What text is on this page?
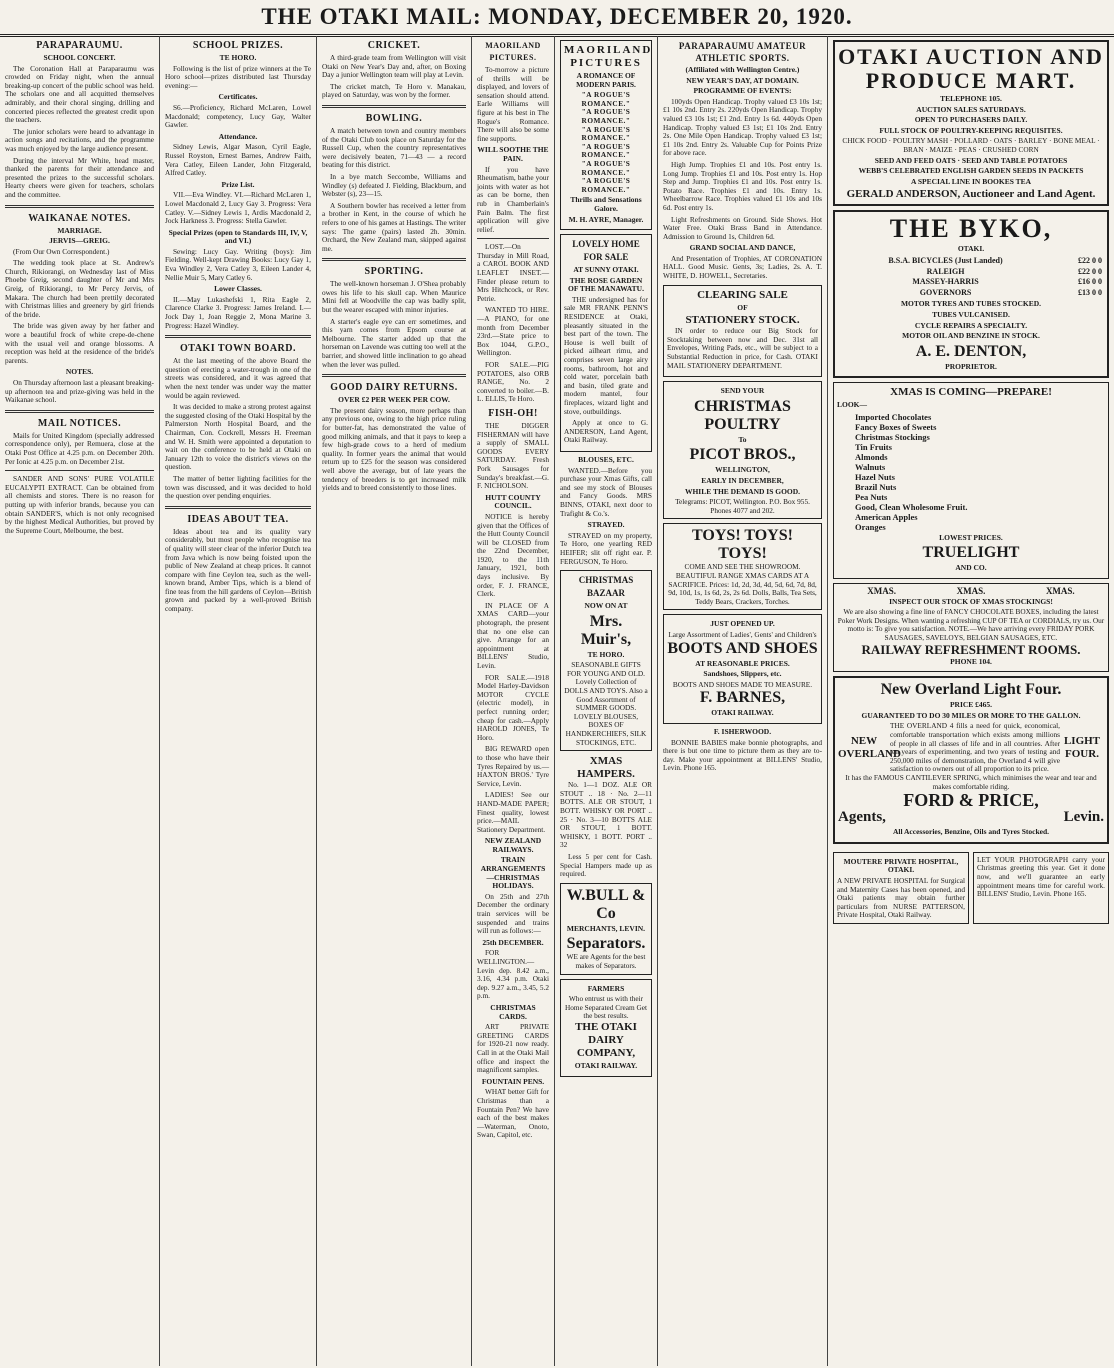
THE OTAKI MAIL: MONDAY, DECEMBER 20, 1920.
PARAPARAUMU.
SCHOOL CONCERT.

The Coronation Hall at Paraparaumu was crowded on Friday night, when the annual breaking-up concert of the public school was held. The scholars one and all acquitted themselves admirably, and their choral singing, drilling and concerted pieces reflected the greatest credit upon the teachers.

The junior scholars were heard to advantage in action songs and recitations, and the programme was much enjoyed by the large audience present.

During the interval Mr White, head master, thanked the parents for their attendance and presented the prizes to the successful scholars. Hearty cheers were given for teachers, scholars and the committee.

WAIKANAE NOTES.
MARRIAGE.
JERVIS—GREIG.

(From Our Own Correspondent.)

The wedding took place at St. Andrew's Church, Rikiorangi, on Wednesday last of Miss Phoebe Greig, second daughter of Mr and Mrs Greig, of Rikiorangi, to Mr Percy Jervis, of Makara. The church had been prettily decorated with Christmas lilies and greenery by girl friends of the bride.

The bride was given away by her father and wore a beautiful frock of white crepe-de-chene with the usual veil and orange blossoms. A reception was held at the residence of the bride's parents.

NOTES.

On Thursday afternoon last a pleasant breaking-up afternoon tea and prize-giving was held in the Waikanae school.

MAIL NOTICES.

Mails for United Kingdom (specially addressed correspondence only), per Remuera, close at the Otaki Post Office at 4.25 p.m. on December 20th. Per Ionic at 4.25 p.m. on December 21st.

SANDER AND SONS' PURE VOLATILE EUCALYPTI EXTRACT. Can be obtained from all chemists and stores. There is no reason for putting up with inferior brands, because you can obtain SANDER'S, which is not only recognised by the highest Medical Authorities, but proved by the Supreme Court, Melbourne, the best.

SCHOOL PRIZES.
TE HORO.

Following is the list of prize winners at the Te Horo school—prizes distributed last Thursday evening:—

Certificates.

S6.—Proficiency, Richard McLaren, Lowel Macdonald; competency, Lucy Gay, Walter Gawler.

Attendance.

Sidney Lewis, Algar Mason, Cyril Eagle, Russel Royston, Ernest Barnes, Andrew Faith, Vera Catley, Eileen Lander, John Fitzgerald, Alfred Catley.

Prize List.

VII.—Eva Windley. VI.—Richard McLaren 1, Lowel Macdonald 2, Lucy Gay 3. Progress: Vera Catley. V.—Sidney Lewis 1, Ardis Macdonald 2, Jock Harkness 3. Progress: Stella Gawler.

Special Prizes (open to Standards III, IV, V, and VI.)

Sewing: Lucy Gay. Writing (boys): Jim Fielding. Well-kept Drawing Books: Lucy Gay 1, Eva Windley 2, Vera Catley 3, Eileen Lander 4, Nellie Muir 5, Mary Catley 6.

Lower Classes.

II.—May Lukashefski 1, Rita Eagle 2, Clarence Clarke 3. Progress: James Ireland. I.—Jock Day 1, Joan Reggie 2, Mona Marine 3. Progress: Hazel Windley.

OTAKI TOWN BOARD.

At the last meeting of the above Board the question of erecting a water-trough in one of the streets was considered, and it was agreed that when the next tender was under way the matter would be again reviewed.

It was decided to make a strong protest against the suggested closing of the Otaki Hospital by the Palmerston North Hospital Board, and the Chairman, Con. Cockrell, Messrs H. Freeman and W. H. Smith were appointed a deputation to wait on the conference to be held at Otaki on January 12th to voice the district's views on the question.

The matter of better lighting facilities for the town was discussed, and it was decided to hold the question over pending enquiries.

IDEAS ABOUT TEA.

Ideas about tea and its quality vary considerably, but most people who recognise tea of quality will steer clear of the inferior Dutch tea from Java which is now being foisted upon the public of New Zealand at cheap prices. It cannot compare with fine Ceylon tea, such as the well-known brand, Amber Tips, which is a blend of fine teas from the hill gardens of Ceylon—British grown and packed by a well-proved British company.

CRICKET.

A third-grade team from Wellington will visit Otaki on New Year's Day and, after, on Boxing Day a junior Wellington team will play at Levin.

The cricket match, Te Horo v. Manakau, played on Saturday, was won by the former.

BOWLING.

A match between town and country members of the Otaki Club took place on Saturday for the Russell Cup, when the country representatives were decisively beaten, 71—43 — a record beating for this district.

In a bye match Seccombe, Williams and Windley (s) defeated J. Fielding, Blackburn, and Webster (s), 23—15.

A Southern bowler has received a letter from a brother in Kent, in the course of which he refers to one of his games at Hastings. The writer says: The game (pairs) lasted 2h. 30min. Orchard, the New Zealand man, skipped against me.

SPORTING.

The well-known horseman J. O'Shea probably owes his life to his skull cap. When Maurice Mini fell at Woodville the cap was badly split, but the wearer escaped with minor injuries.

A starter's eagle eye can err sometimes, and this yarn comes from Epsom course at Melbourne. The starter added up that the horseman on Lavende was cutting too well at the barrier, and showed little inclination to go ahead when the lever was pulled.

GOOD DAIRY RETURNS.
OVER £2 PER WEEK PER COW.

The present dairy season, more perhaps than any previous one, owing to the high price ruling for butter-fat, has demonstrated the value of good milking animals, and that it pays to keep a few high-grade cows to a herd of medium quality. In former years the animal that would return up to £25 for the season was considered well above the average, but of late years the tendency of breeders is to get increased milk yields and to breed consistently to those lines.

MAORILAND PICTURES.

To-morrow a picture of thrills will be displayed, and lovers of sensation should attend. Earle Williams will figure at his best in The Rogue's Romance. There will also be some fine supports.

WILL SOOTHE THE PAIN.

If you have Rheumatism, bathe your joints with water as hot as can be borne, then rub in Chamberlain's Pain Balm. The first application will give relief.

LOST.—On Thursday in Mill Road, a CAROL BOOK AND LEAFLET INSET.—Finder please return to Mrs Hitchcock, or Rev. Petrie.

WANTED TO HIRE.—A PIANO, for one month from December 23rd.—State price to Box 1044, G.P.O., Wellington.

FOR SALE.—PIG POTATOES, also ORB RANGE, No. 2 converted to boiler.—B. L. ELLIS, Te Horo.

FISH-OH!

THE DIGGER FISHERMAN will have a supply of SMALL GOODS EVERY SATURDAY. Fresh Pork Sausages for Sunday's breakfast.—G. F. NICHOLSON.

HUTT COUNTY COUNCIL.

NOTICE is hereby given that the Offices of the Hutt County Council will be CLOSED from the 22nd December, 1920, to the 11th January, 1921, both days inclusive. By order, F. J. FRANCE, Clerk.

IN PLACE OF A XMAS CARD—your photograph, the present that no one else can give. Arrange for an appointment at BILLENS' Studio, Levin.

FOR SALE.—1918 Model Harley-Davidson MOTOR CYCLE (electric model), in perfect running order; cheap for cash.—Apply HAROLD JONES, Te Horo.

BIG REWARD open to those who have their Tyres Repaired by us.—HAXTON BROS.' Tyre Service, Levin.

LADIES! See our HAND-MADE PAPER; Finest quality, lowest price.—MAIL Stationery Department.

NEW ZEALAND RAILWAYS.
TRAIN ARRANGEMENTS—CHRISTMAS HOLIDAYS.

On 25th and 27th December the ordinary train services will be suspended and trains will run as follows:—

25th DECEMBER.

FOR WELLINGTON.—Levin dep. 8.42 a.m., 3.16, 4.34 p.m. Otaki dep. 9.27 a.m., 3.45, 5.2 p.m.

CHRISTMAS CARDS.

ART PRIVATE GREETING CARDS for 1920-21 now ready. Call in at the Otaki Mail office and inspect the magnificent samples.

FOUNTAIN PENS.

WHAT better Gift for Christmas than a Fountain Pen? We have each of the best makes—Waterman, Onoto, Swan, Capitol, etc.

MAORILAND PICTURES
A ROMANCE OF MODERN PARIS.
"A ROGUE'S ROMANCE."
"A ROGUE'S ROMANCE."
"A ROGUE'S ROMANCE."
"A ROGUE'S ROMANCE."
"A ROGUE'S ROMANCE."
"A ROGUE'S ROMANCE."
Thrills and Sensations Galore.
M. H. AYRE, Manager.
LOVELY HOME FOR SALE
AT SUNNY OTAKI.
THE ROSE GARDEN OF THE MANAWATU.

THE undersigned has for sale MR FRANK PENN'S RESIDENCE at Otaki, pleasantly situated in the best part of the town. The House is well built of picked ailheart rimu, and comprises seven large airy rooms, bathroom, hot and cold water, porcelain bath and basin, tiled grate and modern mantel, four fireplaces, wizard light and stove, outbuildings.

Apply at once to G. ANDERSON, Land Agent, Otaki Railway.

BLOUSES, ETC.

WANTED.—Before you purchase your Xmas Gifts, call and see my stock of Blouses and Fancy Goods. MRS BINNS, OTAKI, next door to Trafight & Co.'s.

STRAYED.

STRAYED on my property, Te Horo, one yearling RED HEIFER; slit off right ear. P. FERGUSON, Te Horo.

CHRISTMAS BAZAAR
NOW ON AT
Mrs. Muir's,
TE HORO.
SEASONABLE GIFTS FOR YOUNG AND OLD. Lovely Collection of DOLLS AND TOYS. Also a Good Assortment of SUMMER GOODS. LOVELY BLOUSES, BOXES OF HANDKERCHIEFS, SILK STOCKINGS, ETC.
XMAS HAMPERS.

No. 1—1 DOZ. ALE OR STOUT .. 18 · No. 2—11 BOTTS. ALE OR STOUT, 1 BOTT. WHISKY OR PORT .. 25 · No. 3—10 BOTTS ALE OR STOUT, 1 BOTT. WHISKY, 1 BOTT. PORT .. 32

Less 5 per cent for Cash. Special Hampers made up as required.

W.BULL & Co
MERCHANTS, LEVIN.
Separators.
WE are Agents for the best makes of Separators.
FARMERS
Who entrust us with their Home Separated Cream Get the best results.
THE OTAKI DAIRY COMPANY,
OTAKI RAILWAY.
PARAPARAUMU AMATEUR ATHLETIC SPORTS.
(Affiliated with Wellington Centre.)
NEW YEAR'S DAY, AT DOMAIN.
PROGRAMME OF EVENTS:

100yds Open Handicap. Trophy valued £3 10s 1st; £1 10s 2nd. Entry 2s. 220yds Open Handicap. Trophy valued £3 10s 1st; £1 2nd. Entry 1s 6d. 440yds Open Handicap. Trophy valued £3 1st; £1 10s 2nd. Entry 2s. One Mile Open Handicap. Trophy valued £3 1st; £1 10s 2nd. Entry 2s. Valuable Cup for Points Prize for above race.

High Jump. Trophies £1 and 10s. Post entry 1s. Long Jump. Trophies £1 and 10s. Post entry 1s. Hop Step and Jump. Trophies £1 and 10s. Post entry 1s. Potato Race. Trophies £1 and 10s. Entry 1s. Wheelbarrow Race. Trophies valued £1 10s and 10s 6d. Post entry 1s.

Light Refreshments on Ground. Side Shows. Hot Water Free. Otaki Brass Band in Attendance. Admission to Ground 1s, Children 6d.

GRAND SOCIAL AND DANCE,

And Presentation of Trophies, AT CORONATION HALL. Good Music. Gents, 3s; Ladies, 2s. A. T. WHITE, D. HOWELL, Secretaries.

CLEARING SALE
OF
STATIONERY STOCK.

IN order to reduce our Big Stock for Stocktaking between now and Dec. 31st all Envelopes, Writing Pads, etc., will be subject to a Substantial Reduction in price, for Cash. OTAKI MAIL STATIONERY DEPARTMENT.

SEND YOUR
CHRISTMAS
POULTRY
To
PICOT BROS.,
WELLINGTON,
EARLY IN DECEMBER,
WHILE THE DEMAND IS GOOD.
Telegrams: PICOT, Wellington. P.O. Box 955. Phones 4077 and 202.
TOYS! TOYS! TOYS!
COME AND SEE THE SHOWROOM. BEAUTIFUL RANGE XMAS CARDS AT A SACRIFICE. Prices: 1d, 2d, 3d, 4d, 5d, 6d, 7d, 8d, 9d, 10d, 1s, 1s 6d, 2s, 2s 6d. Dolls, Balls, Tea Sets, Teddy Bears, Crackers, Torches.
JUST OPENED UP.
Large Assortment of Ladies', Gents' and Children's
BOOTS AND SHOES
AT REASONABLE PRICES.
Sandshoes, Slippers, etc.
BOOTS AND SHOES MADE TO MEASURE.
F. BARNES,
OTAKI RAILWAY.
F. ISHERWOOD.

BONNIE BABIES make bonnie photographs, and there is but one time to picture them as they are to-day. Make your appointment at BILLENS' Studio, Levin. Phone 165.

OTAKI AUCTION AND PRODUCE MART.
TELEPHONE 105.
AUCTION SALES SATURDAYS.
OPEN TO PURCHASERS DAILY.
FULL STOCK OF POULTRY-KEEPING REQUISITES.
CHICK FOOD · POULTRY MASH · POLLARD · OATS · BARLEY · BONE MEAL · BRAN · MAIZE · PEAS · CRUSHED CORN
SEED AND FEED OATS · SEED AND TABLE POTATOES
WEBB'S CELEBRATED ENGLISH GARDEN SEEDS IN PACKETS
A SPECIAL LINE IN BOOKES TEA
GERALD ANDERSON, Auctioneer and Land Agent.
THE BYKO,
OTAKI.
B.S.A. BICYCLES (Just Landed)	£22 0 0
RALEIGH	£22 0 0
MASSEY-HARRIS	£16 0 0
GOVERNORS	£13 0 0
MOTOR TYRES AND TUBES STOCKED.
TUBES VULCANISED.
CYCLE REPAIRS A SPECIALTY.
MOTOR OIL AND BENZINE IN STOCK.
A. E. DENTON,
PROPRIETOR.
XMAS IS COMING—PREPARE!
LOOK—
Imported Chocolates
Fancy Boxes of Sweets
Christmas Stockings
Tin Fruits
Almonds
Walnuts
Hazel Nuts
Brazil Nuts
Pea Nuts
Good, Clean Wholesome Fruit.
American Apples
Oranges
LOWEST PRICES.
TRUELIGHT
AND CO.
XMAS.	XMAS.	XMAS.
INSPECT OUR STOCK OF XMAS STOCKINGS!
We are also showing a fine line of FANCY CHOCOLATE BOXES, including the latest Poker Work Designs. When wanting a refreshing CUP OF TEA or CORDIALS, try us. Our motto is: To give you satisfaction. NOTE.—We have arriving every FRIDAY PORK SAUSAGES, SAVELOYS, BELGIAN SAUSAGES, ETC.
RAILWAY REFRESHMENT ROOMS.
PHONE 104.
New Overland Light Four.
PRICE £465.
GUARANTEED TO DO 30 MILES OR MORE TO THE GALLON.
NEW
OVERLAND
THE OVERLAND 4 fills a need for quick, economical, comfortable transportation which exists among millions of people in all classes of life and in all countries. After ten years of experimenting, and two years of testing and 250,000 miles of demonstration, the Overland 4 will give satisfaction to owners out of all proportion to its price.
LIGHT
FOUR.
It has the FAMOUS CANTILEVER SPRING, which minimises the wear and tear and makes comfortable riding.
FORD & PRICE,
Agents,	Levin.
All Accessories, Benzine, Oils and Tyres Stocked.
MOUTERE PRIVATE HOSPITAL, OTAKI.
A NEW PRIVATE HOSPITAL for Surgical and Maternity Cases has been opened, and Otaki patients may obtain further particulars from NURSE PATTERSON, Private Hospital, Otaki Railway.
LET YOUR PHOTOGRAPH carry your Christmas greeting this year. Get it done now, and we'll guarantee an early appointment means time for careful work. BILLENS' Studio, Levin. Phone 165.
